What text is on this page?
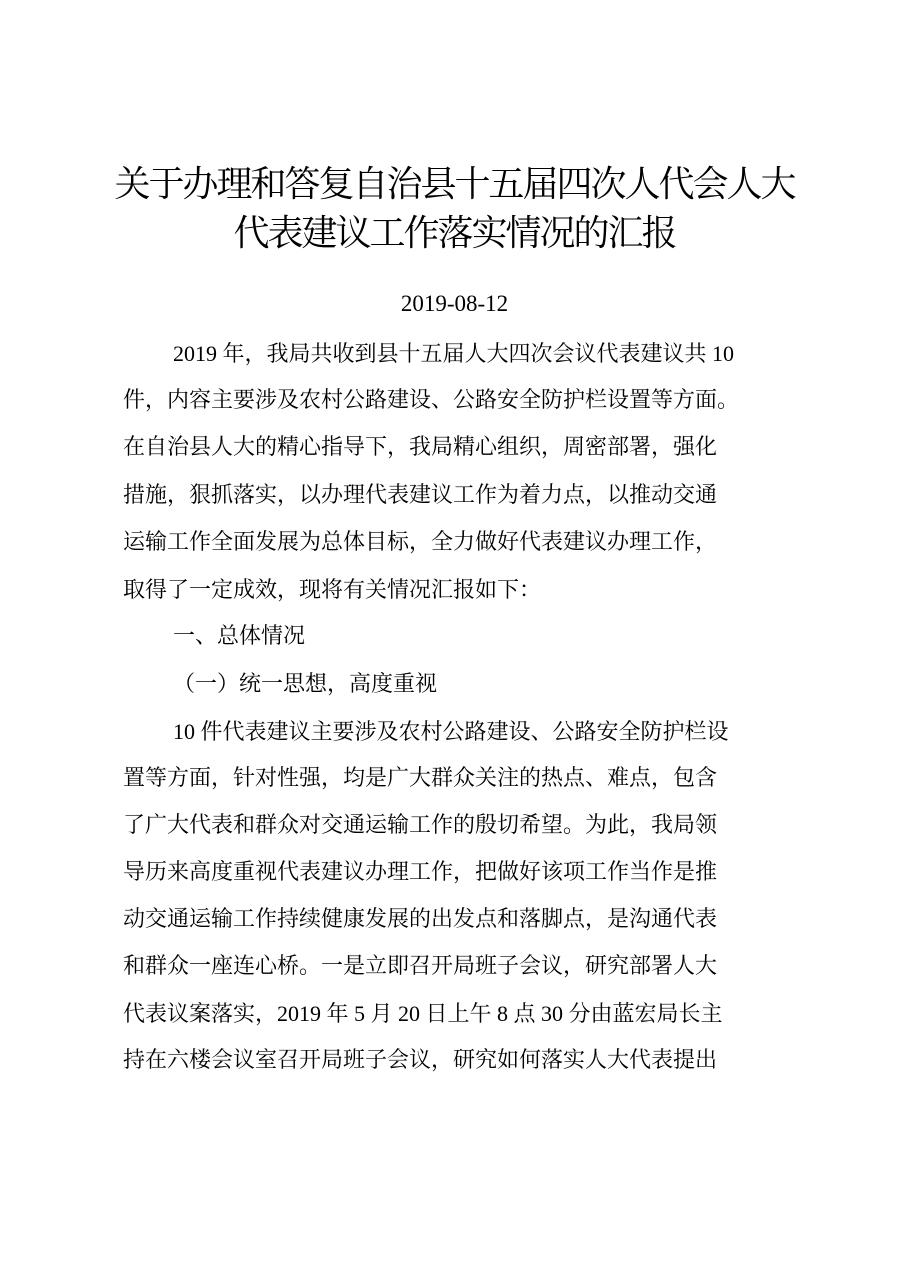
关于办理和答复自治县十五届四次人代会人大
代表建议工作落实情况的汇报
2019-08-12
2019 年，我局共收到县十五届人大四次会议代表建议共 10
件，内容主要涉及农村公路建设、公路安全防护栏设置等方面。
在自治县人大的精心指导下，我局精心组织，周密部署，强化
措施，狠抓落实，以办理代表建议工作为着力点，以推动交通
运输工作全面发展为总体目标，全力做好代表建议办理工作，
取得了一定成效，现将有关情况汇报如下：
一、总体情况
（一）统一思想，高度重视
10 件代表建议主要涉及农村公路建设、公路安全防护栏设
置等方面，针对性强，均是广大群众关注的热点、难点，包含
了广大代表和群众对交通运输工作的殷切希望。为此，我局领
导历来高度重视代表建议办理工作，把做好该项工作当作是推
动交通运输工作持续健康发展的出发点和落脚点，是沟通代表
和群众一座连心桥。一是立即召开局班子会议，研究部署人大
代表议案落实，2019 年 5 月 20 日上午 8 点 30 分由蓝宏局长主
持在六楼会议室召开局班子会议，研究如何落实人大代表提出
